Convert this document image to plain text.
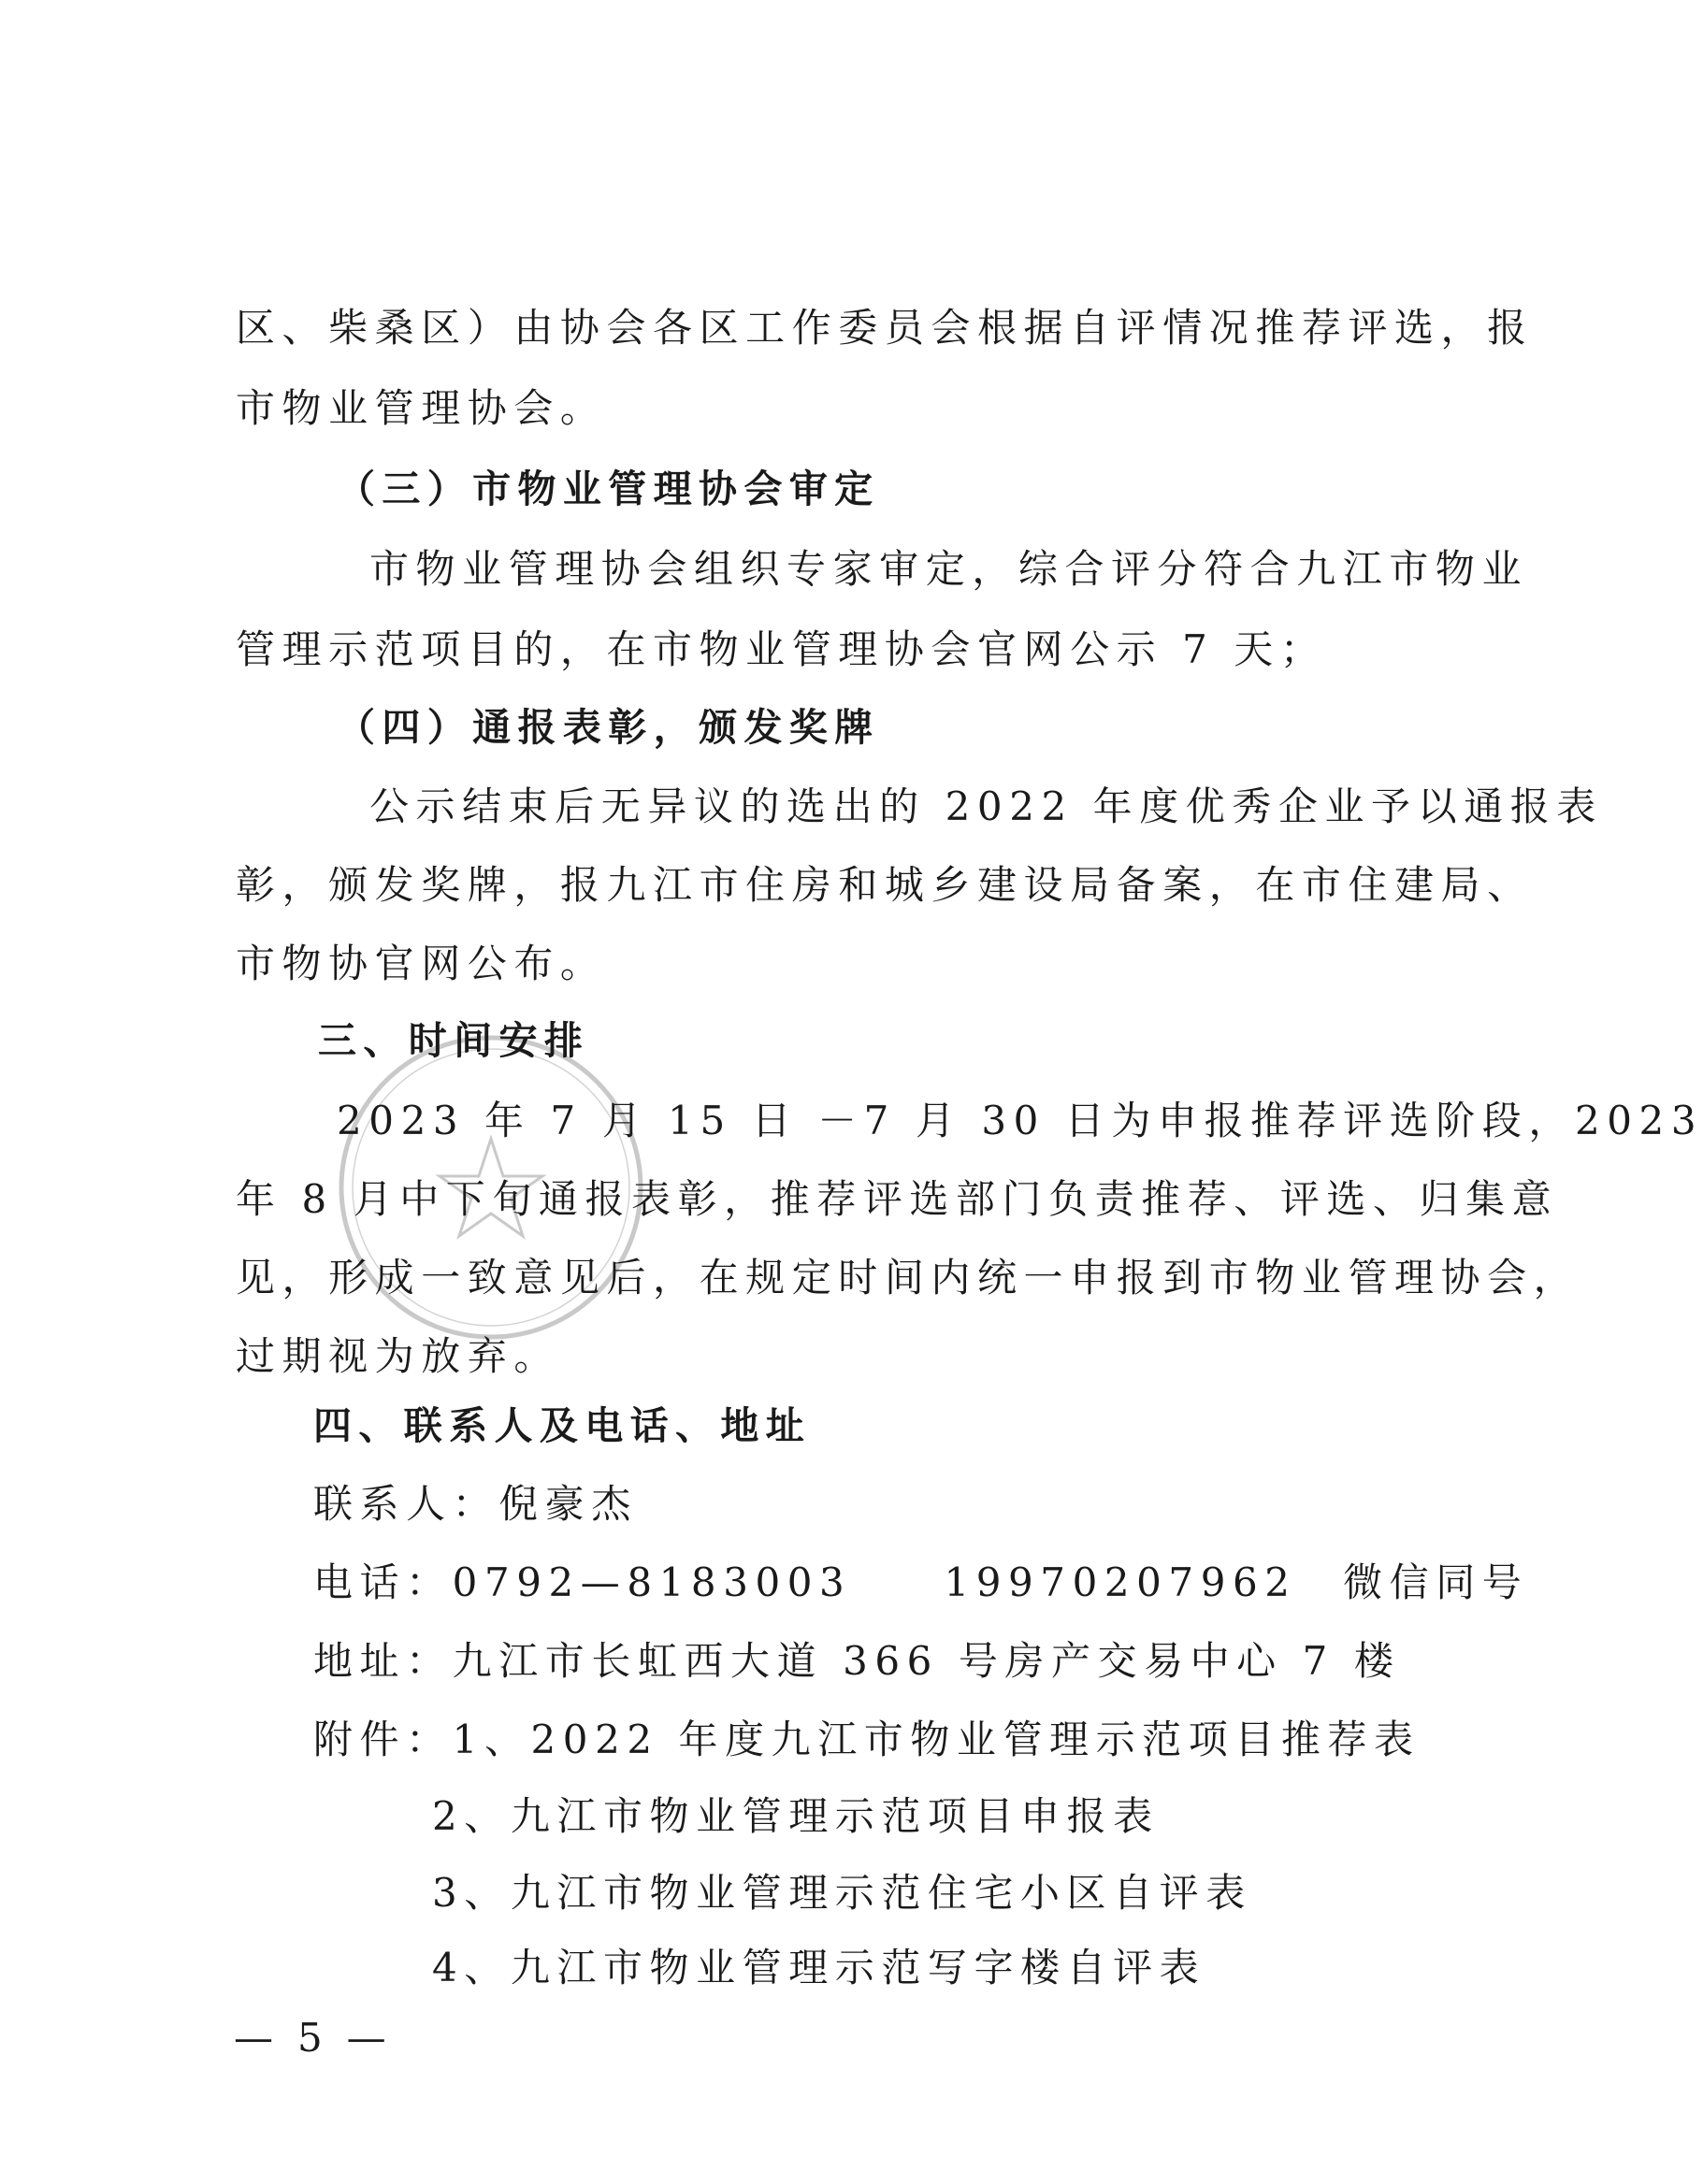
区、柴桑区）由协会各区工作委员会根据自评情况推荐评选，报
市物业管理协会。
（三）市物业管理协会审定
市物业管理协会组织专家审定，综合评分符合九江市物业
管理示范项目的，在市物业管理协会官网公示 7 天；
（四）通报表彰，颁发奖牌
公示结束后无异议的选出的 2022 年度优秀企业予以通报表
彰，颁发奖牌，报九江市住房和城乡建设局备案，在市住建局、
市物协官网公布。
三、时间安排
2023 年 7 月 15 日 －7 月 30 日为申报推荐评选阶段，2023
年 8 月中下旬通报表彰，推荐评选部门负责推荐、评选、归集意
见，形成一致意见后，在规定时间内统一申报到市物业管理协会，
过期视为放弃。
四、联系人及电话、地址
联系人：倪豪杰
电话：0792—8183003　　19970207962　微信同号
地址：九江市长虹西大道 366 号房产交易中心 7 楼
附件：1、2022 年度九江市物业管理示范项目推荐表
2、九江市物业管理示范项目申报表
3、九江市物业管理示范住宅小区自评表
4、九江市物业管理示范写字楼自评表
— 5 —
